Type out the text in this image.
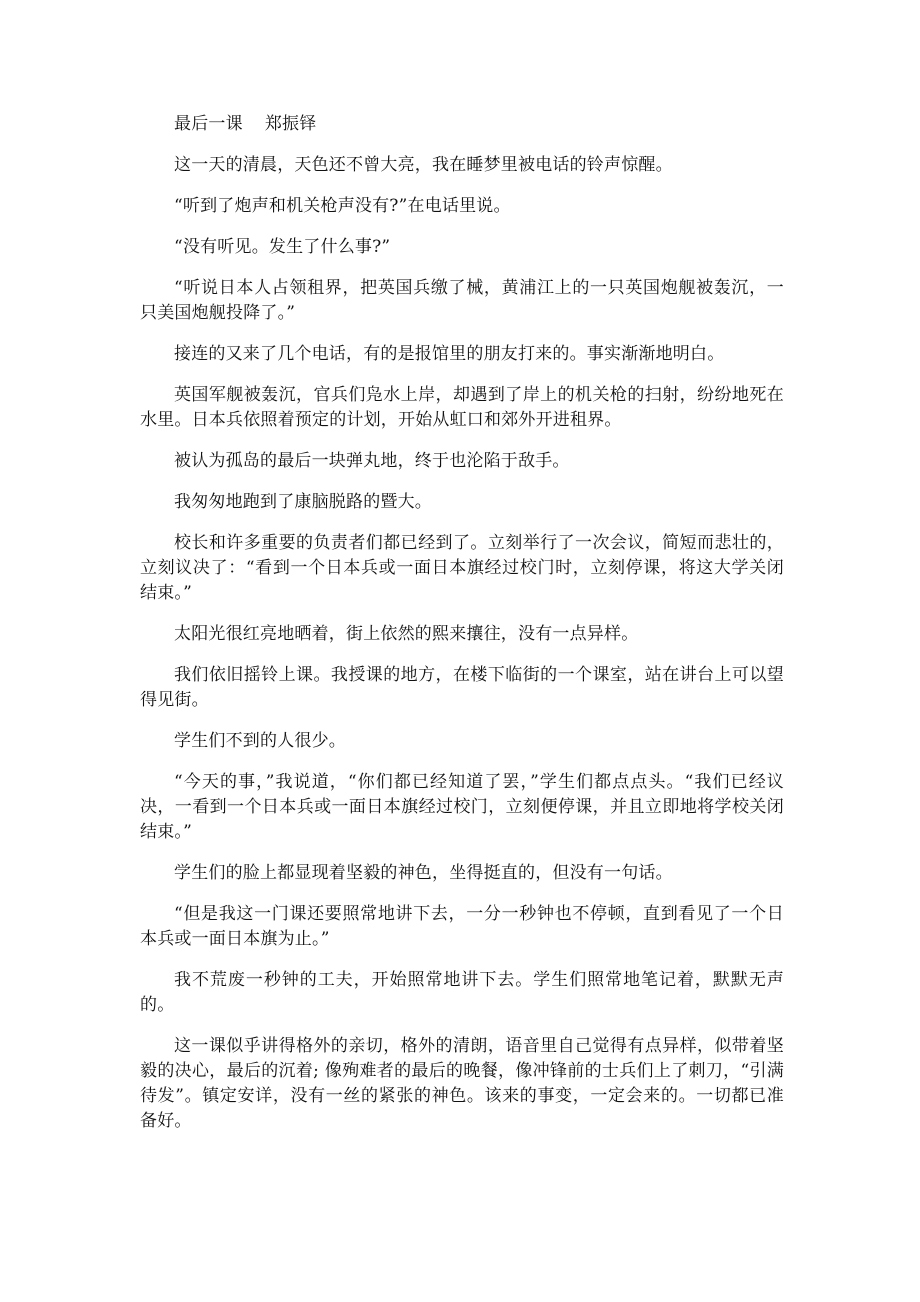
最后一课 郑振铎

这一天的清晨，天色还不曾大亮，我在睡梦里被电话的铃声惊醒。

“听到了炮声和机关枪声没有?”在电话里说。

“没有听见。发生了什么事?”

“听说日本人占领租界，把英国兵缴了械，黄浦江上的一只英国炮舰被轰沉，一只美国炮舰投降了。”

接连的又来了几个电话，有的是报馆里的朋友打来的。事实渐渐地明白。

英国军舰被轰沉，官兵们凫水上岸，却遇到了岸上的机关枪的扫射，纷纷地死在水里。日本兵依照着预定的计划，开始从虹口和郊外开进租界。

被认为孤岛的最后一块弹丸地，终于也沦陷于敌手。

我匆匆地跑到了康脑脱路的暨大。

校长和许多重要的负责者们都已经到了。立刻举行了一次会议，简短而悲壮的，立刻议决了：“看到一个日本兵或一面日本旗经过校门时，立刻停课，将这大学关闭结束。”

太阳光很红亮地晒着，街上依然的熙来攘往，没有一点异样。

我们依旧摇铃上课。我授课的地方，在楼下临街的一个课室，站在讲台上可以望得见街。

学生们不到的人很少。

“今天的事，”我说道，“你们都已经知道了罢，”学生们都点点头。“我们已经议决，一看到一个日本兵或一面日本旗经过校门，立刻便停课，并且立即地将学校关闭结束。”

学生们的脸上都显现着坚毅的神色，坐得挺直的，但没有一句话。

“但是我这一门课还要照常地讲下去，一分一秒钟也不停顿，直到看见了一个日本兵或一面日本旗为止。”

我不荒废一秒钟的工夫，开始照常地讲下去。学生们照常地笔记着，默默无声的。

这一课似乎讲得格外的亲切，格外的清朗，语音里自己觉得有点异样，似带着坚毅的决心，最后的沉着; 像殉难者的最后的晚餐，像冲锋前的士兵们上了刺刀，“引满待发”。镇定安详，没有一丝的紧张的神色。该来的事变，一定会来的。一切都已准备好。
